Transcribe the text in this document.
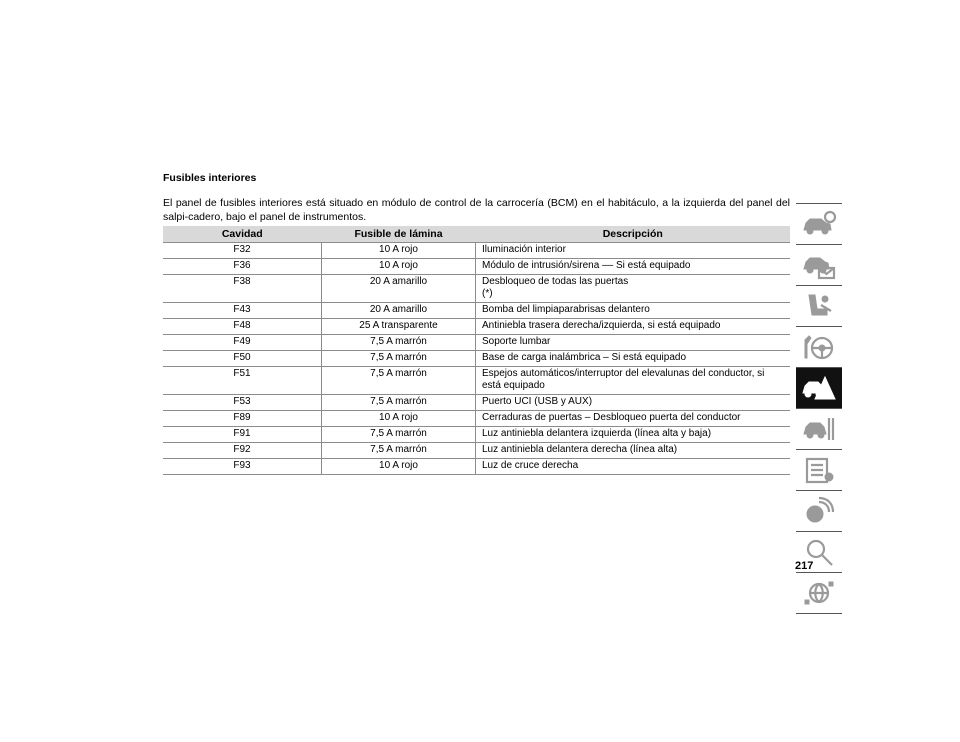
Fusibles interiores

El panel de fusibles interiores está situado en módulo de control de la carrocería (BCM) en el habitáculo, a la izquierda del panel del salpi-cadero, bajo el panel de instrumentos.

Cavidad	Fusible de lámina	Descripción
F32	10 A rojo	Iluminación interior
F36	10 A rojo	Módulo de intrusión/sirena –– Si está equipado
F38	20 A amarillo	Desbloqueo de todas las puertas
(*)
F43	20 A amarillo	Bomba del limpiaparabrisas delantero
F48	25 A transparente	Antiniebla trasera derecha/izquierda, si está equipado
F49	7,5 A marrón	Soporte lumbar
F50	7,5 A marrón	Base de carga inalámbrica – Si está equipado
F51	7,5 A marrón	Espejos automáticos/interruptor del elevalunas del conductor, si está equipado
F53	7,5 A marrón	Puerto UCI (USB y AUX)
F89	10 A rojo	Cerraduras de puertas – Desbloqueo puerta del conductor
F91	7,5 A marrón	Luz antiniebla delantera izquierda (línea alta y baja)
F92	7,5 A marrón	Luz antiniebla delantera derecha (línea alta)
F93	10 A rojo	Luz de cruce derecha
217
